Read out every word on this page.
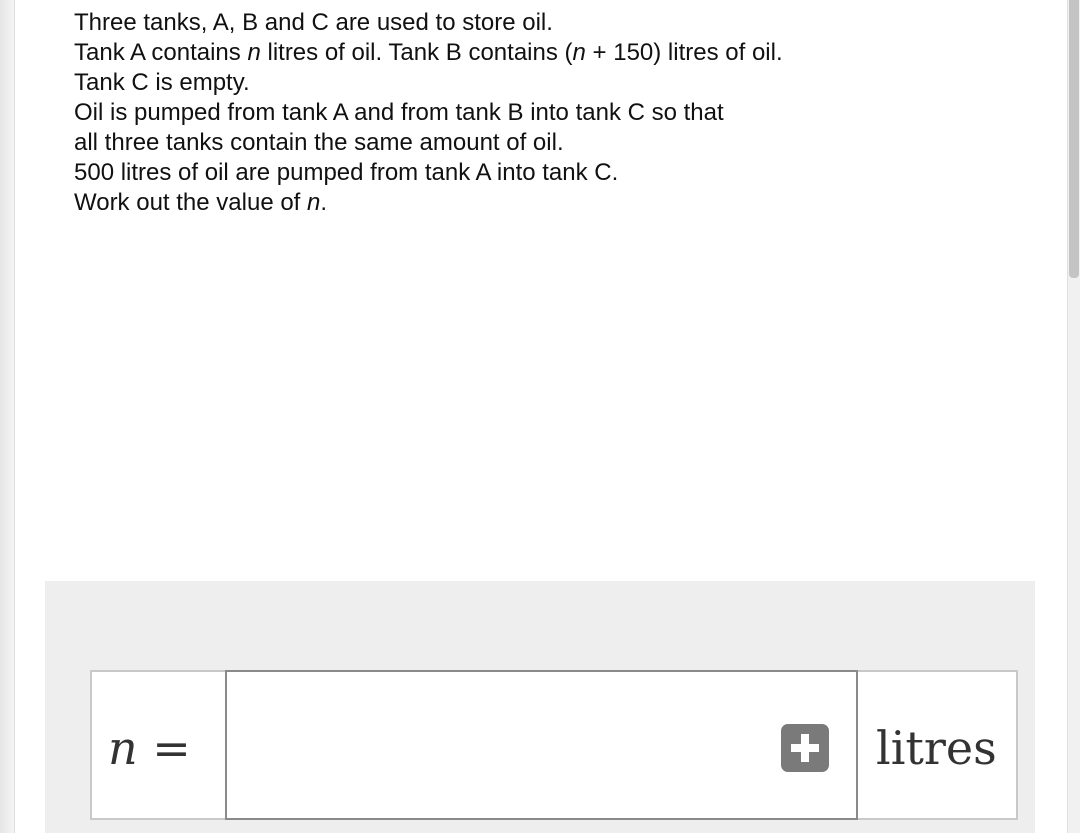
Three tanks, A, B and C are used to store oil.
Tank A contains n litres of oil. Tank B contains (n + 150) litres of oil.
Tank C is empty.
Oil is pumped from tank A and from tank B into tank C so that
all three tanks contain the same amount of oil.
500 litres of oil are pumped from tank A into tank C.
Work out the value of n.
n =	litres
